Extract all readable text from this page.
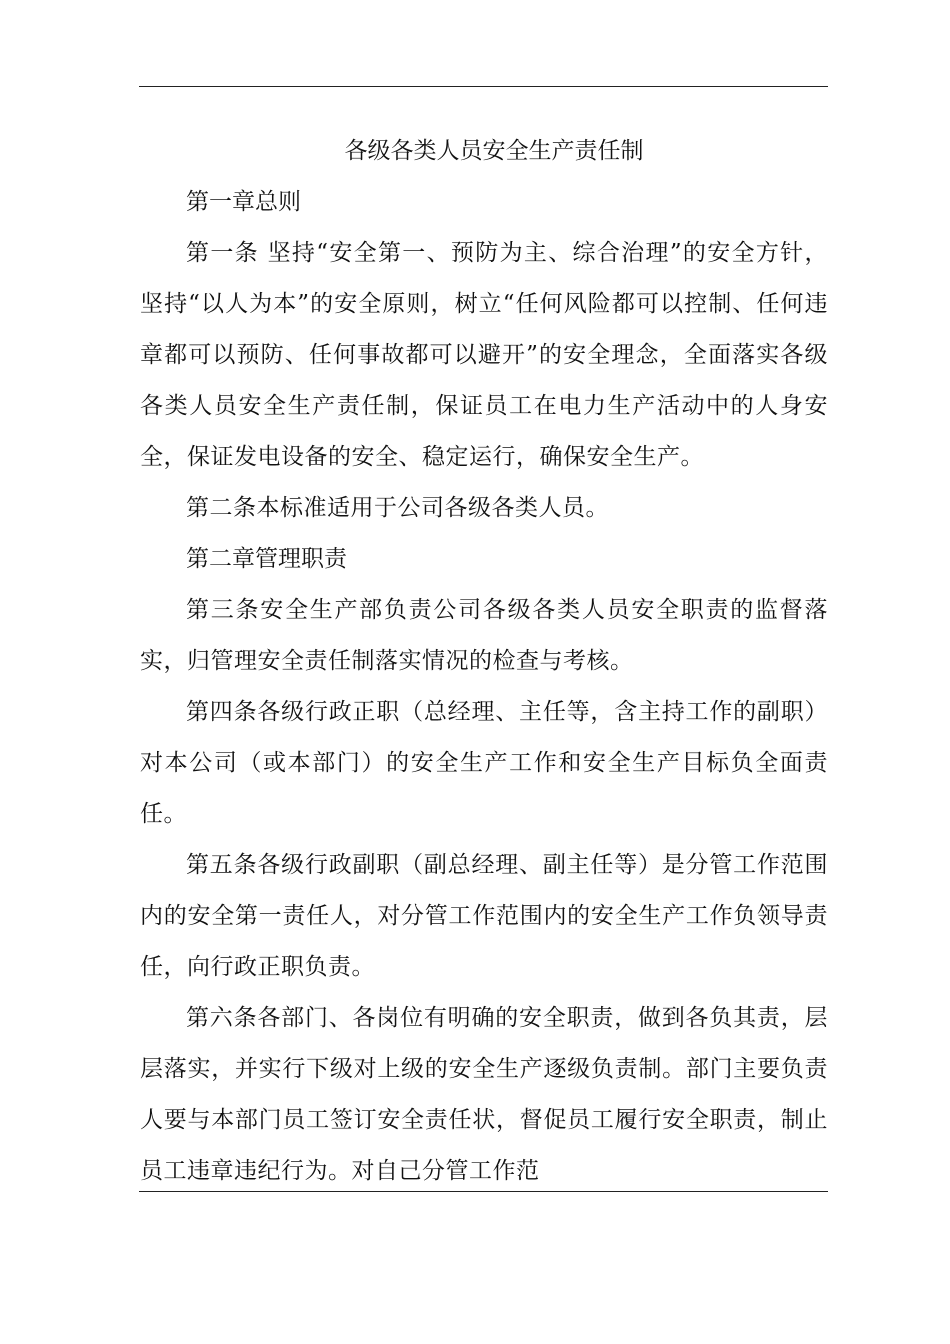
各级各类人员安全生产责任制

第一章总则

第一条 坚持“安全第一、预防为主、综合治理”的安全方针，坚持“以人为本”的安全原则，树立“任何风险都可以控制、任何违章都可以预防、任何事故都可以避开”的安全理念，全面落实各级各类人员安全生产责任制，保证员工在电力生产活动中的人身安全，保证发电设备的安全、稳定运行，确保安全生产。

第二条本标准适用于公司各级各类人员。

第二章管理职责

第三条安全生产部负责公司各级各类人员安全职责的监督落实，归管理安全责任制落实情况的检查与考核。

第四条各级行政正职（总经理、主任等，含主持工作的副职）对本公司（或本部门）的安全生产工作和安全生产目标负全面责任。

第五条各级行政副职（副总经理、副主任等）是分管工作范围内的安全第一责任人，对分管工作范围内的安全生产工作负领导责任，向行政正职负责。

第六条各部门、各岗位有明确的安全职责，做到各负其责，层层落实，并实行下级对上级的安全生产逐级负责制。部门主要负责人要与本部门员工签订安全责任状，督促员工履行安全职责，制止员工违章违纪行为。对自己分管工作范
